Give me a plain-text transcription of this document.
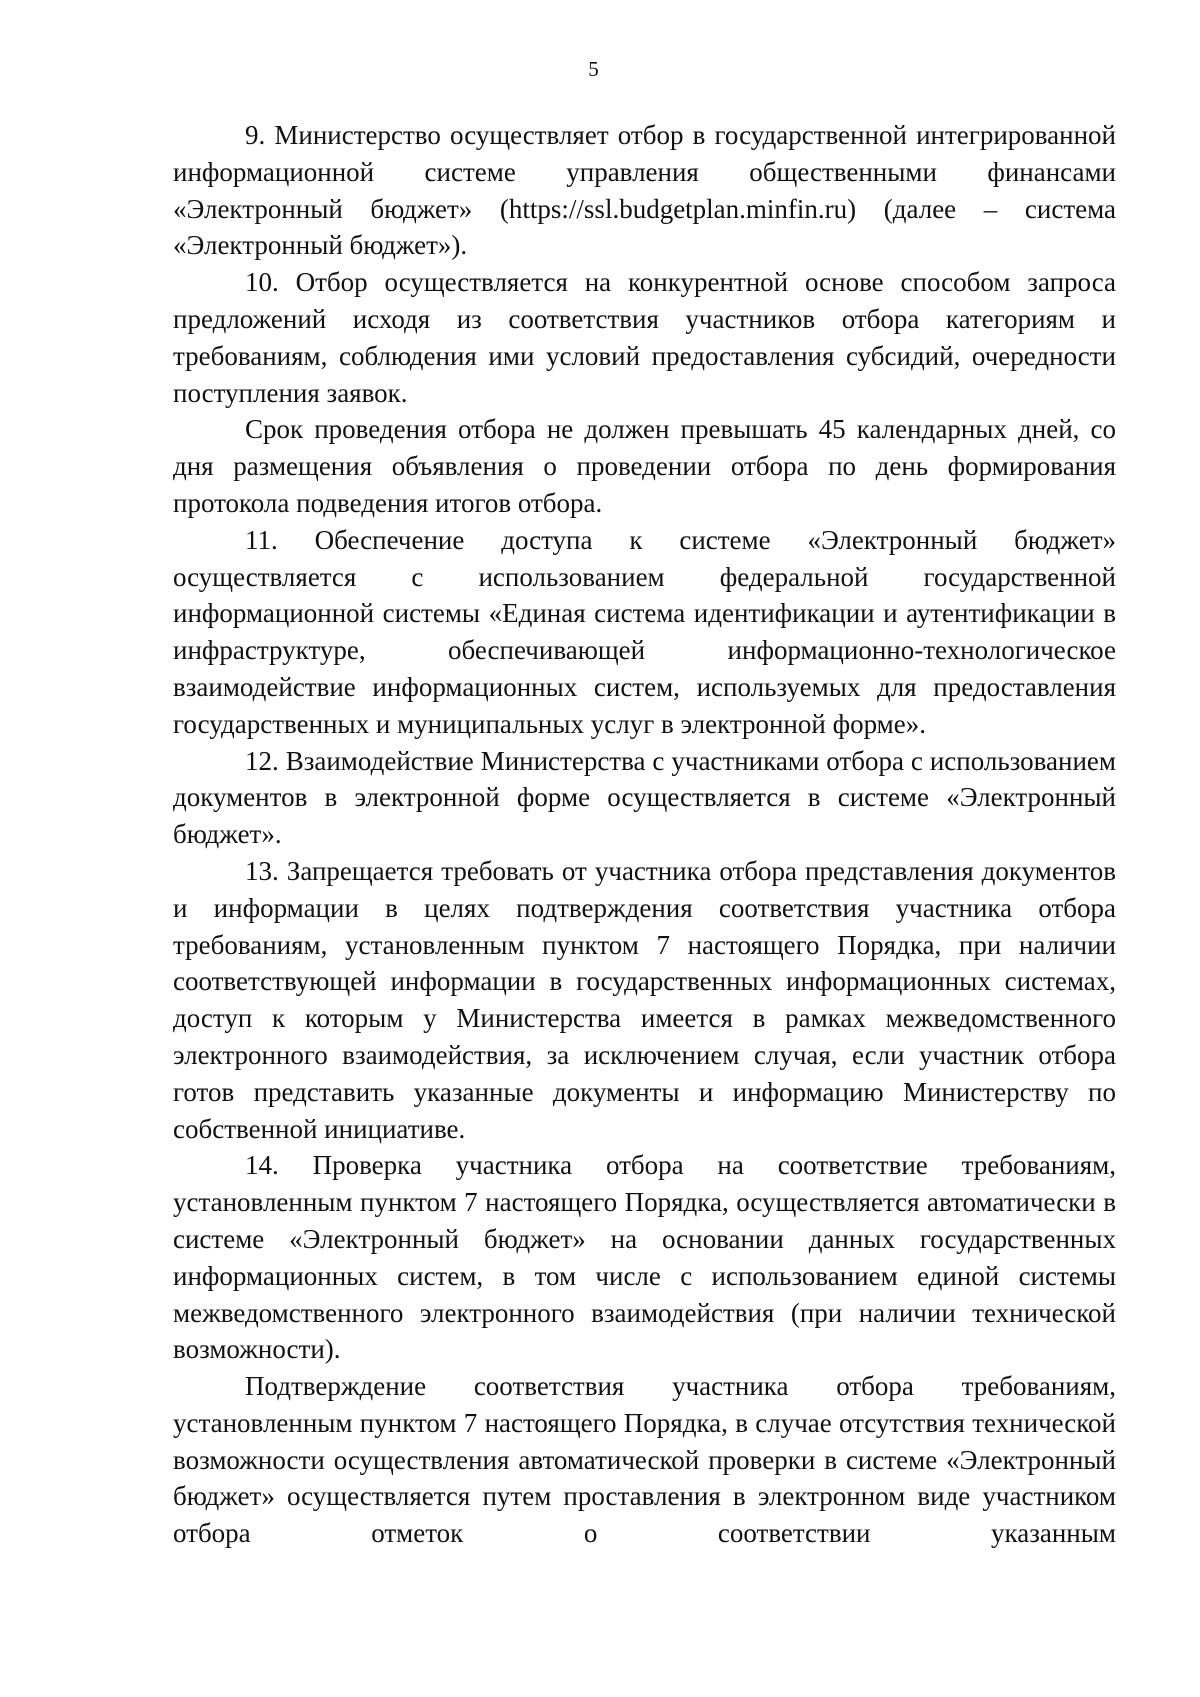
5

9. Министерство осуществляет отбор в государственной интегрированной информационной системе управления общественными финансами «Электронный бюджет» (https://ssl.budgetplan.minfin.ru) (далее – система «Электронный бюджет»).

10. Отбор осуществляется на конкурентной основе способом запроса предложений исходя из соответствия участников отбора категориям и требованиям, соблюдения ими условий предоставления субсидий, очередности поступления заявок.

Срок проведения отбора не должен превышать 45 календарных дней, со дня размещения объявления о проведении отбора по день формирования протокола подведения итогов отбора.

11. Обеспечение доступа к системе «Электронный бюджет» осуществляется с использованием федеральной государственной информационной системы «Единая система идентификации и аутентификации в инфраструктуре, обеспечивающей информационно-технологическое взаимодействие информационных систем, используемых для предоставления государственных и муниципальных услуг в электронной форме».

12. Взаимодействие Министерства с участниками отбора с использованием документов в электронной форме осуществляется в системе «Электронный бюджет».

13. Запрещается требовать от участника отбора представления документов и информации в целях подтверждения соответствия участника отбора требованиям, установленным пунктом 7 настоящего Порядка, при наличии соответствующей информации в государственных информационных системах, доступ к которым у Министерства имеется в рамках межведомственного электронного взаимодействия, за исключением случая, если участник отбора готов представить указанные документы и информацию Министерству по собственной инициативе.

14. Проверка участника отбора на соответствие требованиям, установленным пунктом 7 настоящего Порядка, осуществляется автоматически в системе «Электронный бюджет» на основании данных государственных информационных систем, в том числе с использованием единой системы межведомственного электронного взаимодействия (при наличии технической возможности).

Подтверждение соответствия участника отбора требованиям, установленным пунктом 7 настоящего Порядка, в случае отсутствия технической возможности осуществления автоматической проверки в системе «Электронный бюджет» осуществляется путем проставления в электронном виде участником отбора отметок о соответствии указанным
